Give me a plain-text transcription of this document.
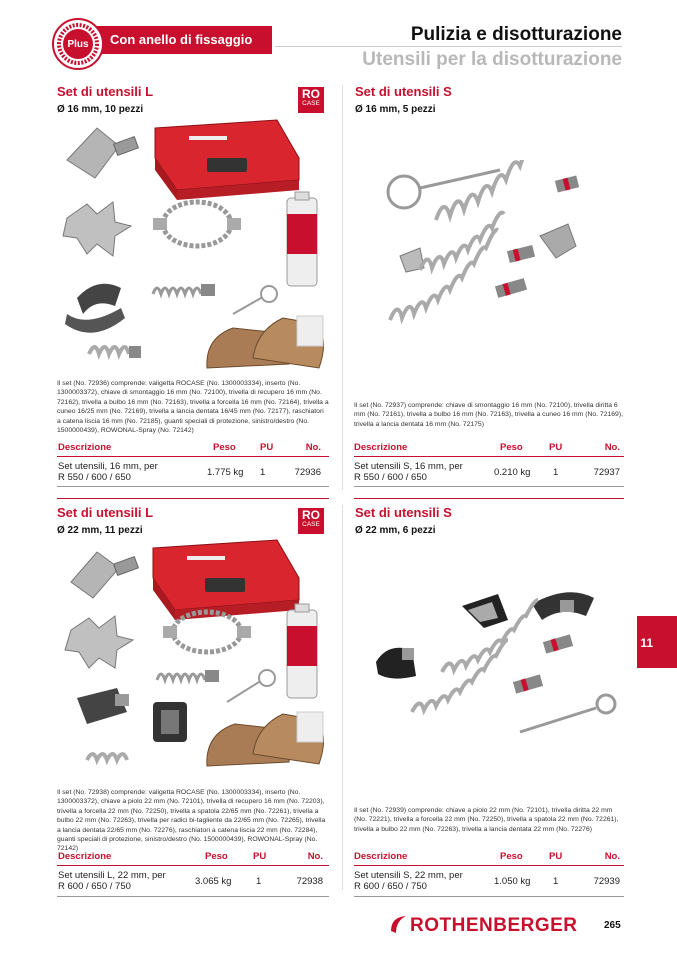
Con anello di fissaggio
Plus	Pulizia e disotturazione
Utensili per la disotturazione
Set di utensili L
Ø 16 mm, 10 pezzi
RO
CASE
Il set (No. 72936) comprende: valigetta ROCASE (No. 1300003334), inserto (No. 1300003372), chiave di smontaggio 16 mm (No. 72100), trivella di recupero 16 mm (No. 72162), trivella a bulbo 16 mm (No. 72163), trivella a forcella 16 mm (No. 72164), trivella a cuneo 16/25 mm (No. 72169), trivella a lancia dentata 16/45 mm (No. 72177), raschiatori a catena liscia 16 mm (No. 72185), guanti speciali di protezione, sinistro/destro (No. 1500000439), ROWONAL-Spray (No. 72142)
Descrizione	Peso	PU	No.
Set utensili, 16 mm, per
R 550 / 600 / 650	1.775 kg 1	72936
Set di utensili S
Ø 16 mm, 5 pezzi
Il set (No. 72937) comprende: chiave di smontaggio 16 mm (No. 72100), trivella diritta 6 mm (No. 72161), trivella a bulbo 16 mm (No. 72163), trivella a cuneo 16 mm (No. 72169), trivella a lancia dentata 16 mm (No. 72175)
Descrizione	Peso	PU	No.
Set utensili S, 16 mm, per
R 550 / 600 / 650	0.210 kg 1	72937
Set di utensili L
Ø 22 mm, 11 pezzi
RO
CASE
Il set (No. 72938) comprende: valigetta ROCASE (No. 1300003334), inserto (No. 1300003372), chiave a piolo 22 mm (No. 72101), trivella di recupero 16 mm (No. 72203), trivella a forcella 22 mm (No. 72250), trivella a spatola 22/65 mm (No. 72261), trivella a bulbo 22 mm (No. 72263), trivella per radici bi-tagliente da 22/65 mm (No. 72265), trivella a lancia dentata 22/65 mm (No. 72276), raschiatori a catena liscia 22 mm (No. 72284), guanti speciali di protezione, sinistro/destro (No. 1500000439), ROWONAL-Spray (No. 72142)
Descrizione	Peso	PU	No.
Set utensili L, 22 mm, per
R 600 / 650 / 750	3.065 kg	1	72938
Set di utensili S
Ø 22 mm, 6 pezzi
Il set (No. 72939) comprende: chiave a piolo 22 mm (No. 72101), trivella diritta 22 mm (No. 72221), trivella a forcella 22 mm (No. 72250), trivella a spatola 22 mm (No. 72261), trivella a bulbo 22 mm (No. 72263), trivella a lancia dentata 22 mm (No. 72276)
Descrizione	Peso	PU	No.
Set utensili S, 22 mm, per
R 600 / 650 / 750	1.050 kg 1	72939
11
ROTHENBERGER	265
